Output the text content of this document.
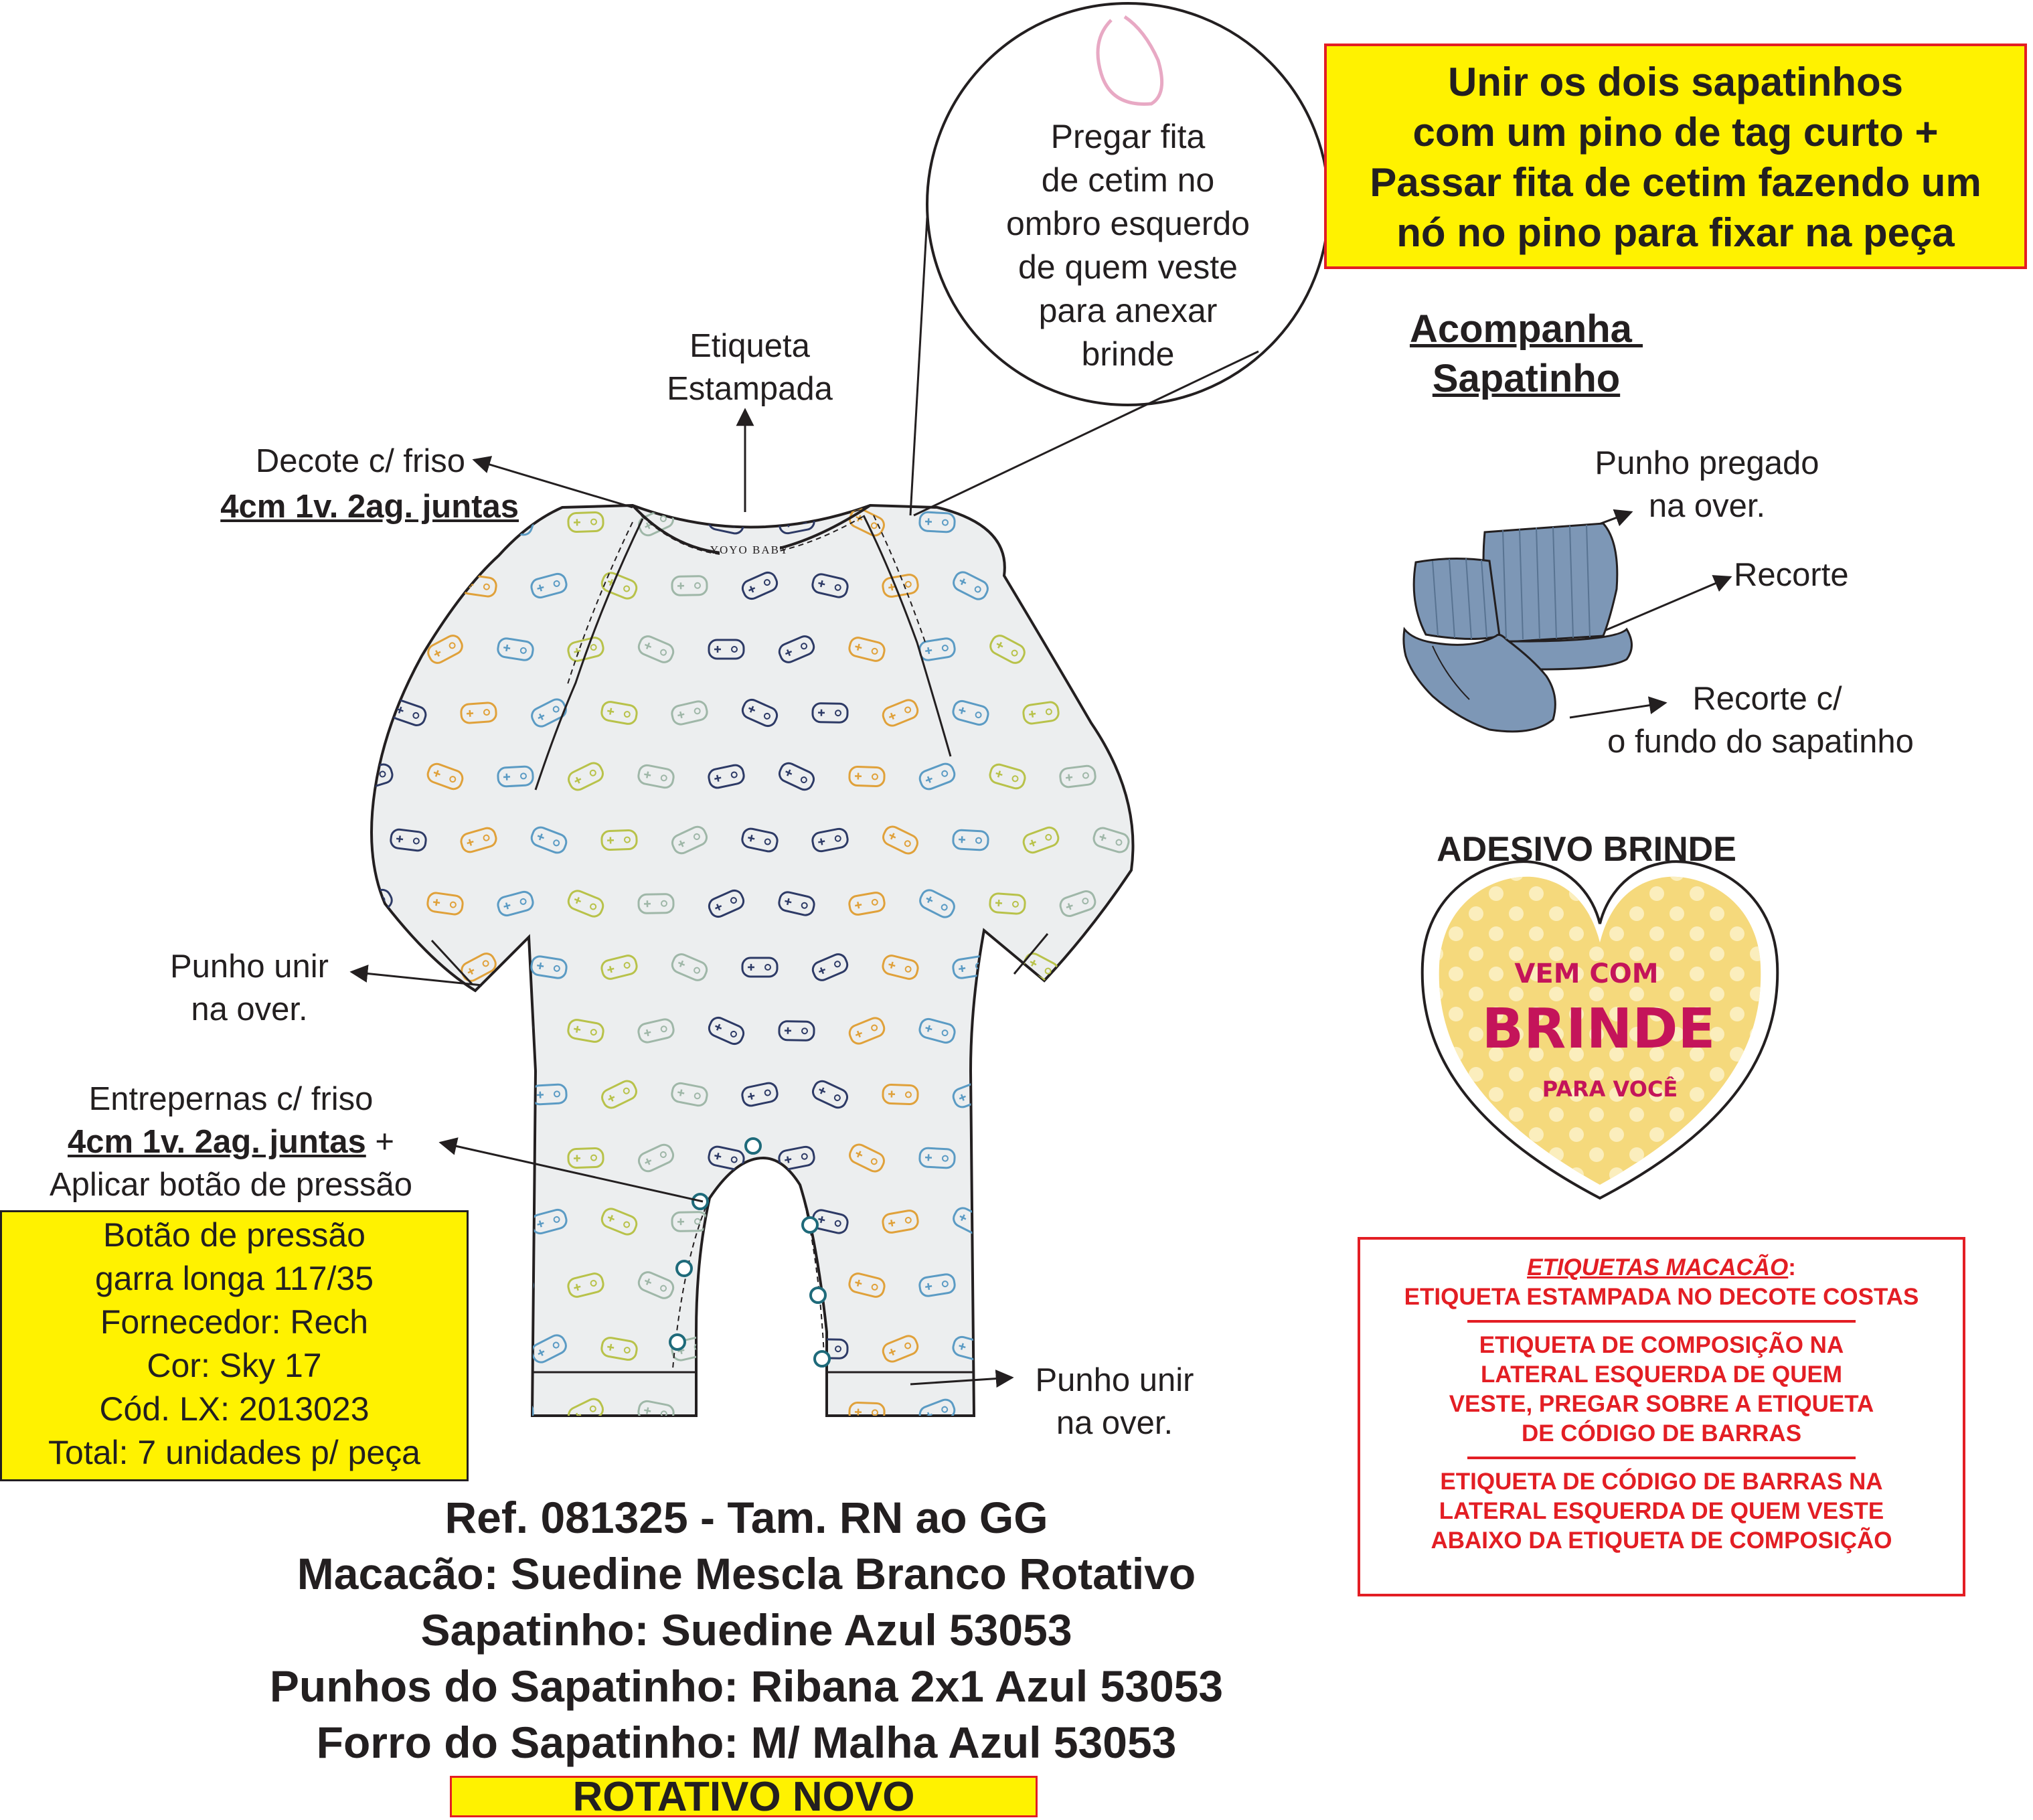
YOYO BABY
VEM COM
BRINDE
PARA VOCÊ
Unir os dois sapatinhos
com um pino de tag curto +
Passar fita de cetim fazendo um
nó no pino para fixar na peça
Pregar fita
de cetim no
ombro esquerdo
de quem veste
para anexar
brinde
Etiqueta
Estampada
Decote c/ friso
4cm 1v. 2ag. juntas
Punho unir
na over.
Entrepernas c/ friso
4cm 1v. 2ag. juntas +
Aplicar botão de pressão
Botão de pressão
garra longa 117/35
Fornecedor: Rech
Cor: Sky 17
Cód. LX: 2013023
Total: 7 unidades p/ peça
Punho unir
na over.
Acompanha
Sapatinho
Punho pregado
na over.
Recorte
Recorte c/
o fundo do sapatinho
ADESIVO BRINDE
ETIQUETAS MACACÃO:
ETIQUETA ESTAMPADA NO DECOTE COSTAS
ETIQUETA DE COMPOSIÇÃO NA
LATERAL ESQUERDA DE QUEM
VESTE, PREGAR SOBRE A ETIQUETA
DE CÓDIGO DE BARRAS
ETIQUETA DE CÓDIGO DE BARRAS NA
LATERAL ESQUERDA DE QUEM VESTE
ABAIXO DA ETIQUETA DE COMPOSIÇÃO
Ref. 081325 - Tam. RN ao GG
Macacão: Suedine Mescla Branco Rotativo
Sapatinho: Suedine Azul 53053
Punhos do Sapatinho: Ribana 2x1 Azul 53053
Forro do Sapatinho: M/ Malha Azul 53053
ROTATIVO NOVO
